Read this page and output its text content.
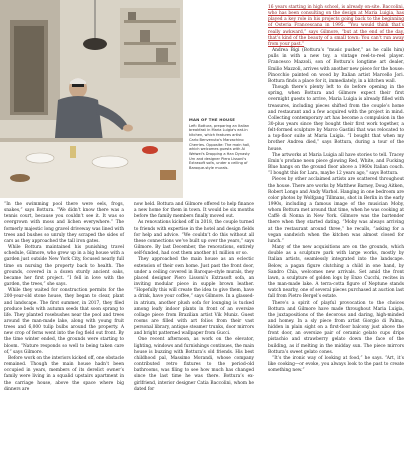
MAN OF THE HOUSE
Left: Bottura, preparing an Italian breakfast in Maria Luigia's eat-in kitchen, which features artist Carlo Benvenuto's Marzachino Cherries. Opposite: The main hall, which welcomes guests with Ai Weiwei's Dropping a Han Dynasty Urn and designer Piero Lissoni's Extrasoft sofa, under a ceiling of Baroque-style murals.

“In the swimming pool there were eels, frogs, snakes,” says Bottura. “We didn’t know there was a tennis court, because you couldn’t see it. It was so overgrown with moss and lichen everywhere.” The formerly majestic long gravel driveway was lined with trees and bushes so unruly they scraped the sides of cars as they approached the tall iron gates.

While Bottura maintained his punishing travel schedule, Gilmore, who grew up in a big house with a garden just outside New York City, focused nearly full time on nursing the property back to health. The grounds, covered in a dozen sturdy ancient oaks, became her first project. “I fell in love with the garden, the trees,” she says.

While they waited for construction permits for the 200-year-old stone house, they began to clear, plant and landscape. The first summer, in 2017, they filed produce beds with autumn seeds that soon sprang to life. They planted rosebushes near the pool and trees around the man-made lake, along with young fruit trees and 6,000 tulip bulbs around the property. A new crop of ferns went into the fog field out front. By the time winter ended, the grounds were starting to bloom. “Nature responds so well to being taken care of,” says Gilmore.

Before work on the interiors kicked off, one obstacle remained. Though the main house hadn’t been occupied in years, members of its derelict owner’s family were living in a squalid upstairs apartment in the carriage house, above the space where big dinners are

now held. Bottura and Gilmore offered to help finance a new home for them in town. It would be six months before the family members finally moved out.

As renovations kicked off in 2018, the couple turned to friends with expertise in the hotel and design fields for help and advice. “We couldn’t do this without all these connections we’ve built up over the years,” says Gilmore. By last December, the renovations, entirely self-funded, had cost them another $1 million or so.

They approached the main house as an eclectic extension of their own home. Just past the front door, under a ceiling covered in Baroque-style murals, they placed designer Piero Lissoni’s Extrasoft sofa, an inviting modular piece in supple brown leather. “Hopefully this will create the idea to give them, have a drink, have your coffee,” says Gilmore. In a glassed-in atrium, another plush sofa for lounging is tucked among leafy indoor plants in front of an oversize collage piece from Brazilian artist Vik Muniz. Guest rooms are filled with art folios from their vast personal library, antique steamer trunks, door mirrors and bright patterned wallpaper from Gucci.

One recent afternoon, as work on the elevator, lighting, windows and furnishings continues, the main house is buzzing with Bottura’s old friends. His best childhood pal, Massimo Morandi, whose company contributed retro fixtures to the period-old bathrooms, was filing to see how much has changed since the last time he was there. Bottura’s ex-girlfriend, interior designer Catia Baccolini, whom he dated for

16 years starting in high school, is already on-site. Baccolini, who has been consulting on the design at Maria Luigia, has played a key role in his projects going back to the beginning of Osteria Francescana in 1995. “You would think that’s really awkward,” says Gilmore, “but at the end of the day, that’s kind of the beauty of a small town: You can’t run away from your past.”

Andrea Bigi (Bottura’s “music pusher,” as he calls him) pulls in with a new toy, a vintage reel-to-reel player. Francesco Mazzoli, son of Bottura’s longtime art dealer, Emilio Mazzoli, arrives with another new piece for the house: Pinocchio painted on wood by Italian artist Marcello Jori. Bottura finds a place for it, immediately, in a kitchen wall.

Though there’s plenty left to do before opening in the spring, when Bottura and Gilmore expect their first overnight guests to arrive, Maria Luigia is already filled with treasures, including pieces shifted from the couple’s home and restaurant and a few acquired with the project in mind. Collecting contemporary art has become a compulsion in the 30-plus years since they bought their first work together, a felt-formed sculpture by Marco Gastini that was relocated to a top-floor suite at Maria Luigia. “I bought that when my brother Andrea died,” says Bottura, during a tour of the house.

The artworks at Maria Luigia all have stories to tell. Tracey Emin’s profane neon piece glowing Red, White, and Fucking Blue hangs on the ground floor above a 1960s Italian couch. “I bought this for Lara, maybe 12 years ago,” says Bottura.

Pieces by other acclaimed artists are scattered throughout the house. There are works by Matthew Barney, Doug Aitken, Robert Longo and Andy Warhol. Hanging in one bedroom are color photos by Wolfgang Tillmans, shot in Berlin in the early 1990s, including a famous image of the musician Moby, whom Bottura met around that time, when he was cooking at Caffè di Nonna in New York. Gilmore was the bartender there when they started dating. “Moby was always arriving at the restaurant around three,” he recalls, “asking for a vegan sandwich when the kitchen was almost closed for lunch.”

Many of the new acquisitions are on the grounds, which double as a sculpture park with large works, mostly by Italian artists, seamlessly integrated into the landscape. Below, a pagan figure clutching a child in one hand, by Sandro Chia, welcomes new arrivals. Set amid the front lawn, a sculpture of golden logs by Enzo Cucchi, recites in the man-made lake. A terra-cotta figure of Neptune stands watch nearby, one of several pieces purchased at auction last fall from Pietro Bergel’s estate.

There’s a spirit of playful provocation to the choices Bottura and Gilmore have made throughout Maria Luigia, the juxtapositions of the decorous and daring, high-minded and homey. In a sly piece from artist Giorgio di Palma, hidden in plain sight on a first-floor balcony just above the front door, an oversize pair of ceramic gelato cups drips pistachio and strawberry gelato down the face of the building, as if melting in the midday sun. The piece mirrors Bottura’s sweet gelato cones.

“It’s the ironic way of looking at food,” he says. “Art, it’s like cooking—or evoke, you always look to the past to create something new.”
